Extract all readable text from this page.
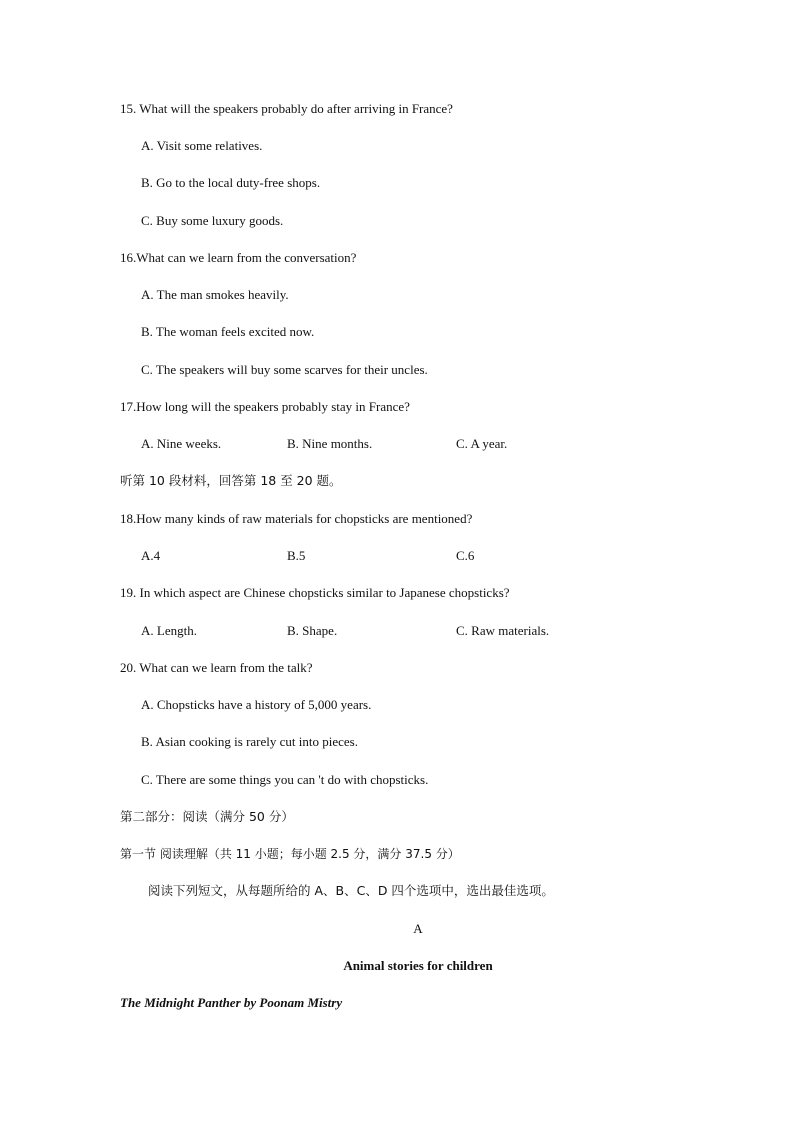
15. What will the speakers probably do after arriving in France?
A. Visit some relatives.
B. Go to the local duty-free shops.
C. Buy some luxury goods.
16.What can we learn from the conversation?
A. The man smokes heavily.
B. The woman feels excited now.
C. The speakers will buy some scarves for their uncles.
17.How long will the speakers probably stay in France?
A. Nine weeks.	B. Nine months.	C. A year.
听第 10 段材料，回答第 18 至 20 题。
18.How many kinds of raw materials for chopsticks are mentioned?
A.4	B.5	C.6
19. In which aspect are Chinese chopsticks similar to Japanese chopsticks?
A. Length.	B. Shape.	C. Raw materials.
20. What can we learn from the talk?
A. Chopsticks have a history of 5,000 years.
B. Asian cooking is rarely cut into pieces.
C. There are some things you can 't do with chopsticks.
第二部分：阅读（满分 50 分）
第一节 阅读理解（共 11 小题；每小题 2.5 分，满分 37.5 分）
阅读下列短文，从每题所给的 A、B、C、D 四个选项中，选出最佳选项。
A
Animal stories for children
The Midnight Panther by Poonam Mistry
